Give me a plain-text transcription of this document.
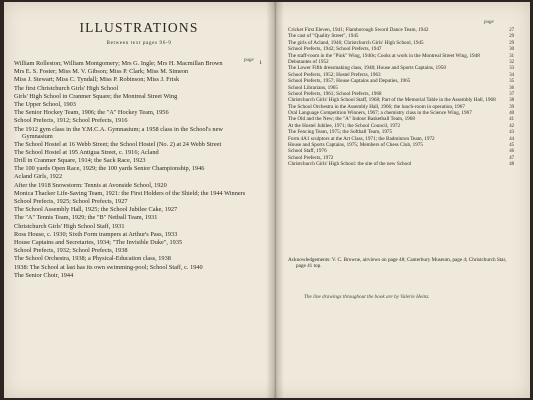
ILLUSTRATIONS
Between text pages 96-9
page
William Rolleston; William Montgomery; Mrs G. Ingle; Mrs H. Macmillan Brown	1
Mrs E. S. Foster; Miss M. V. Gibson; Miss P. Clark; Miss M. Simeon
Miss J. Stewart; Miss C. Tyndall; Miss P. Robinson; Miss J. Frisk
The first Christchurch Girls' High School
Girls' High School in Cranmer Square; the Montreal Street Wing
The Upper School, 1903
The Senior Hockey Team, 1906; the "A" Hockey Team, 1956
School Prefects, 1912; School Prefects, 1916
The 1912 gym class in the Y.M.C.A. Gymnasium; a 1958 class in the School's new Gymnasium
The School Hostel at 16 Webb Street; the School Hostel (No. 2) at 24 Webb Street
The School Hostel at 195 Antigua Street, c. 1916; Acland
Drill in Cranmer Square, 1914; the Sack Race, 1923
The 100 yards Open Race, 1929; the 100 yards Senior Championship, 1946
Acland Girls, 1922
After the 1918 Snowstorm: Tennis at Avonside School, 1920
Monica Thacker Life-Saving Team, 1921: the First Holders of the Shield; the 1944 Winners
School Prefects, 1925; School Prefects, 1927
The School Assembly Hall, 1925; the School Jubilee Cake, 1927
The "A" Tennis Team, 1929; the "B" Netball Team, 1931
Christchurch Girls' High School Staff, 1931
Ross House, c. 1930; Sixth Form trampers at Arthur's Pass, 1933
House Captains and Secretaries, 1934; "The Invisible Duke", 1935
School Prefects, 1932; School Prefects, 1938
The School Orchestra, 1938; a Physical-Education class, 1938
1938: The School at last has its own swimming-pool; School Staff, c. 1940
The Senior Choir, 1944
page
Cricket First Eleven, 1941; Flamborough Sword Dance Team, 1942	27
The cast of "Quality Street", 1945	29
The girls of Acland, 1946; Christchurch Girls' High School, 1945	29
School Prefects, 1942; School Prefects, 1947	30
The staff-room in the "Pink" Wing, 1940s; Cooks at work in the Montreal Street Wing, 1948	31
Debutantes of 1952	32
The Lower Fifth dressmaking class, 1948; House and Sports Captains, 1950	33
School Prefects, 1952; Hostel Prefects, 1963	34
School Prefects, 1957; House Captains and Deputies, 1965	35
School Librarians, 1965	36
School Prefects, 1961; School Prefects, 1968	37
Christchurch Girls' High School Staff, 1968; Part of the Memorial Table in the Assembly Hall, 1968	38
The School Orchestra in the Assembly Hall, 1966; the lunch-room in operation, 1967	39
Oral Language Competition Winners, 1967; a chemistry class in the Science Wing, 1967	40
The Old and the New; the "A" Indoor Basketball Team, 1968	41
At the Hostel Jubilee, 1971; the School Council, 1972	42
The Fencing Team, 1975; the Softball Team, 1975	43
Form 4A1 sculptors at the Art Class, 1971; the Badminton Team, 1972	44
House and Sports Captains, 1975; Members of Chess Club, 1975	45
School Staff, 1976	46
School Prefects, 1972	47
Christchurch Girls' High School: the site of the new School	48
Acknowledgements: V. C. Browne, airviews on page 48; Canterbury Museum, page 4; Christchurch Star, page 41 top.
The line drawings throughout the book are by Valerie Heinz.
